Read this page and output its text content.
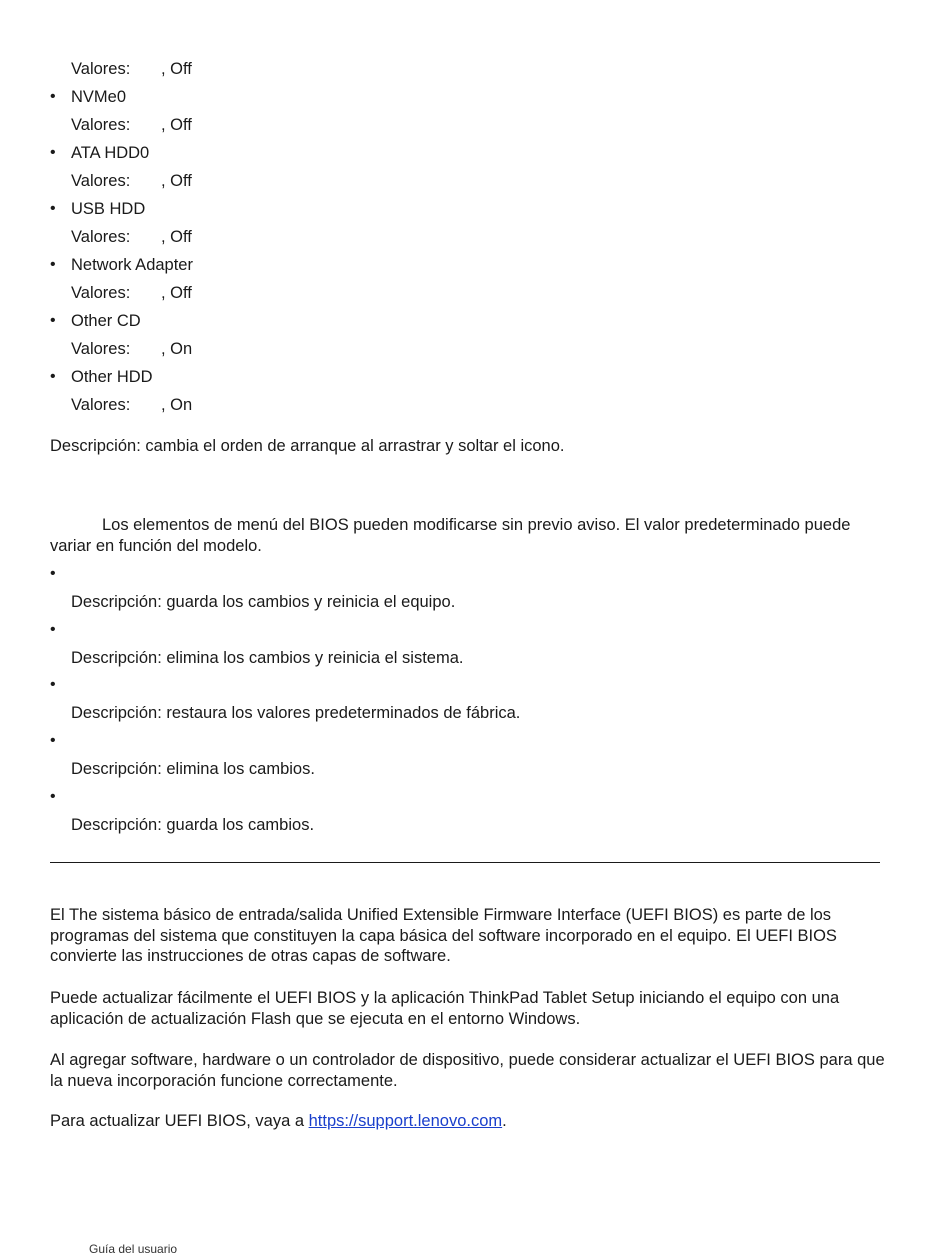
Valores: , Off
• NVMe0
Valores: , Off
• ATA HDD0
Valores: , Off
• USB HDD
Valores: , Off
• Network Adapter
Valores: , Off
• Other CD
Valores: , On
• Other HDD
Valores: , On
Descripción: cambia el orden de arranque al arrastrar y soltar el icono.
Los elementos de menú del BIOS pueden modificarse sin previo aviso. El valor predeterminado puede variar en función del modelo.
•
Descripción: guarda los cambios y reinicia el equipo.
•
Descripción: elimina los cambios y reinicia el sistema.
•
Descripción: restaura los valores predeterminados de fábrica.
•
Descripción: elimina los cambios.
•
Descripción: guarda los cambios.
El The sistema básico de entrada/salida Unified Extensible Firmware Interface (UEFI BIOS) es parte de los programas del sistema que constituyen la capa básica del software incorporado en el equipo. El UEFI BIOS convierte las instrucciones de otras capas de software.
Puede actualizar fácilmente el UEFI BIOS y la aplicación ThinkPad Tablet Setup iniciando el equipo con una aplicación de actualización Flash que se ejecuta en el entorno Windows.
Al agregar software, hardware o un controlador de dispositivo, puede considerar actualizar el UEFI BIOS para que la nueva incorporación funcione correctamente.
Para actualizar UEFI BIOS, vaya a https://support.lenovo.com.
Guía del usuario
